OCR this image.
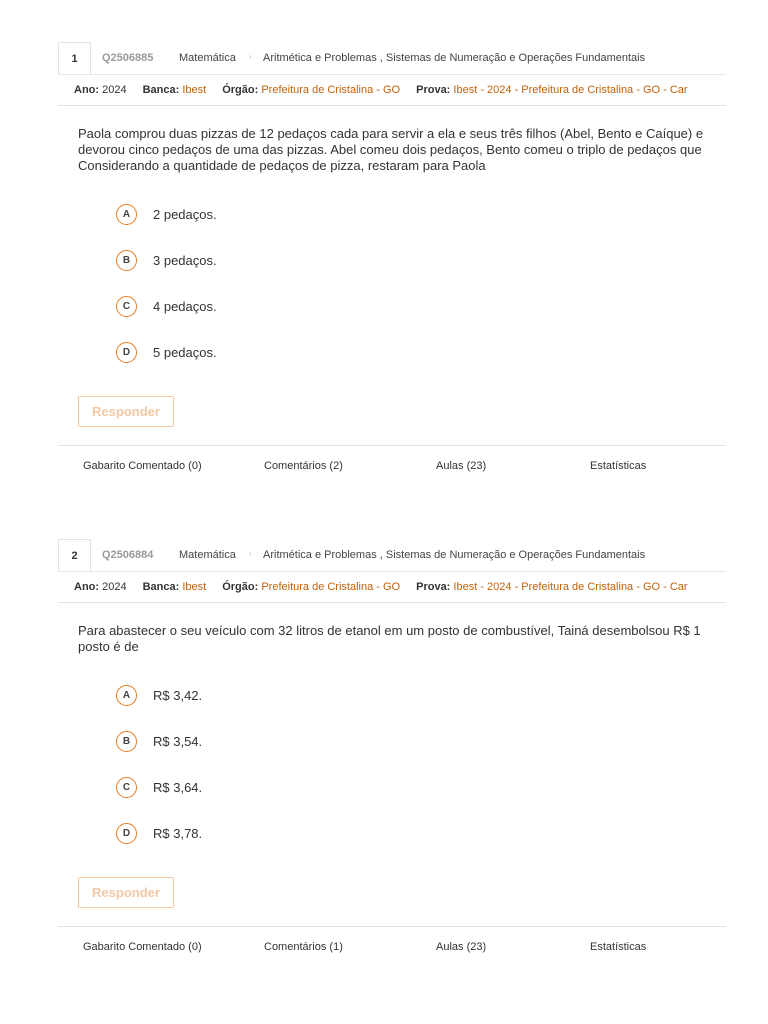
1	Q2506885 Matemática › Aritmética e Problemas , Sistemas de Numeração e Operações Fundamentais
Ano: 2024 Banca: Ibest Órgão: Prefeitura de Cristalina - GO Prova: Ibest - 2024 - Prefeitura de Cristalina - GO - Car
Paola comprou duas pizzas de 12 pedaços cada para servir a ela e seus três filhos (Abel, Bento e Caíque) e
devorou cinco pedaços de uma das pizzas. Abel comeu dois pedaços, Bento comeu o triplo de pedaços que
Considerando a quantidade de pedaços de pizza, restaram para Paola
A	2 pedaços.
B	3 pedaços.
C	4 pedaços.
D	5 pedaços.
Responder
Gabarito Comentado (0)	Comentários (2)	Aulas (23)	Estatísticas
2	Q2506884 Matemática › Aritmética e Problemas , Sistemas de Numeração e Operações Fundamentais
Ano: 2024 Banca: Ibest Órgão: Prefeitura de Cristalina - GO Prova: Ibest - 2024 - Prefeitura de Cristalina - GO - Car
Para abastecer o seu veículo com 32 litros de etanol em um posto de combustível, Tainá desembolsou R$ 1
posto é de
A	R$ 3,42.
B	R$ 3,54.
C	R$ 3,64.
D	R$ 3,78.
Responder
Gabarito Comentado (0)	Comentários (1)	Aulas (23)	Estatísticas
